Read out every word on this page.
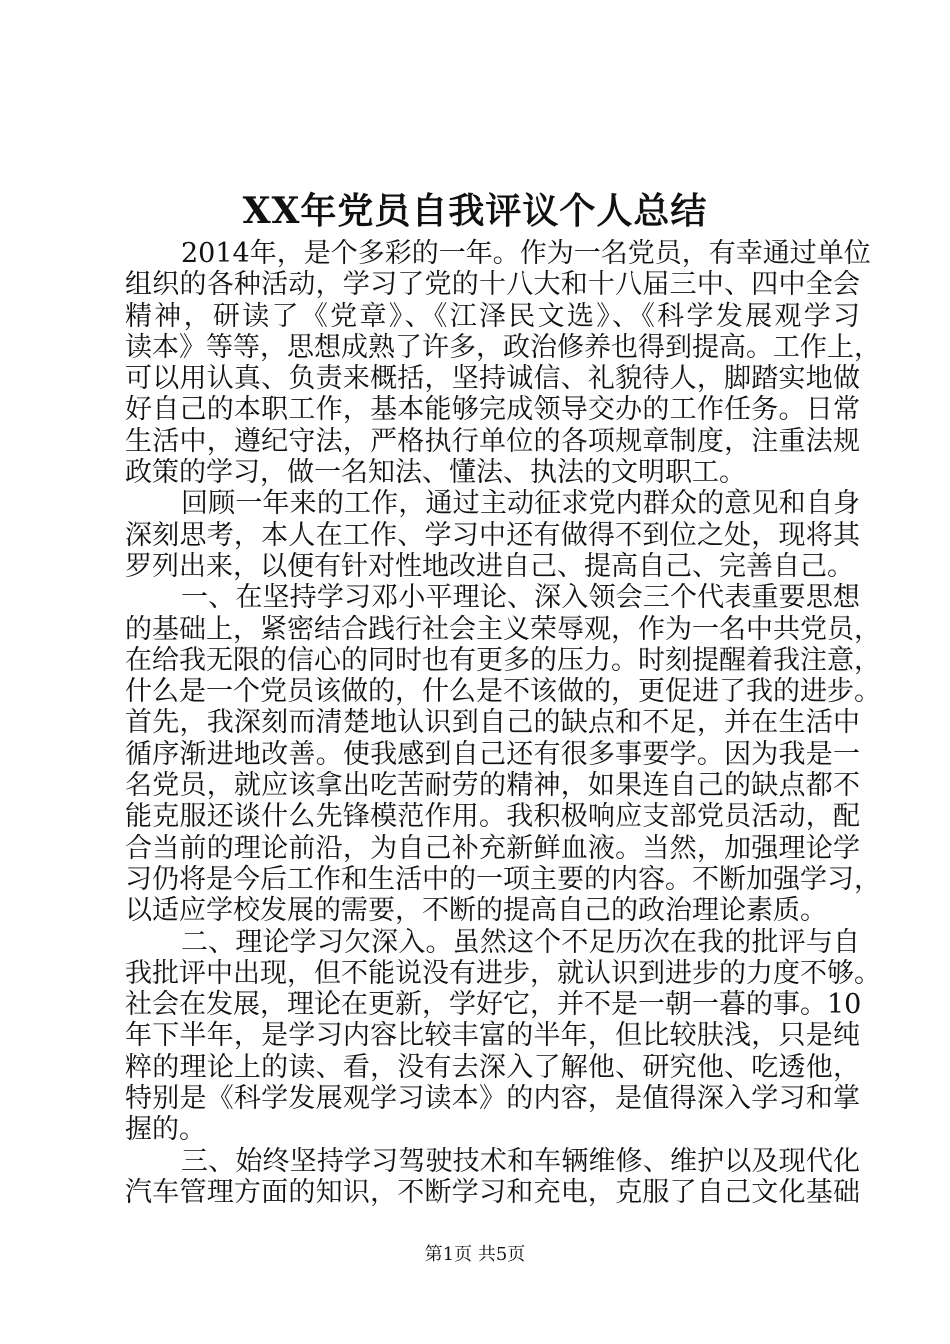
XX年党员自我评议个人总结
2014年，是个多彩的一年。作为一名党员，有幸通过单位
组织的各种活动，学习了党的十八大和十八届三中、四中全会
精神，研读了《党章》、《江泽民文选》、《科学发展观学习
读本》等等，思想成熟了许多，政治修养也得到提高。工作上，
可以用认真、负责来概括，坚持诚信、礼貌待人，脚踏实地做
好自己的本职工作，基本能够完成领导交办的工作任务。日常
生活中，遵纪守法，严格执行单位的各项规章制度，注重法规
政策的学习，做一名知法、懂法、执法的文明职工。
回顾一年来的工作，通过主动征求党内群众的意见和自身
深刻思考，本人在工作、学习中还有做得不到位之处，现将其
罗列出来，以便有针对性地改进自己、提高自己、完善自己。
一、在坚持学习邓小平理论、深入领会三个代表重要思想
的基础上，紧密结合践行社会主义荣辱观，作为一名中共党员，
在给我无限的信心的同时也有更多的压力。时刻提醒着我注意，
什么是一个党员该做的，什么是不该做的，更促进了我的进步。
首先，我深刻而清楚地认识到自己的缺点和不足，并在生活中
循序渐进地改善。使我感到自己还有很多事要学。因为我是一
名党员，就应该拿出吃苦耐劳的精神，如果连自己的缺点都不
能克服还谈什么先锋模范作用。我积极响应支部党员活动，配
合当前的理论前沿，为自己补充新鲜血液。当然，加强理论学
习仍将是今后工作和生活中的一项主要的内容。不断加强学习，
以适应学校发展的需要，不断的提高自己的政治理论素质。
二、理论学习欠深入。虽然这个不足历次在我的批评与自
我批评中出现，但不能说没有进步，就认识到进步的力度不够。
社会在发展，理论在更新，学好它，并不是一朝一暮的事。10
年下半年，是学习内容比较丰富的半年，但比较肤浅，只是纯
粹的理论上的读、看，没有去深入了解他、研究他、吃透他，
特别是《科学发展观学习读本》的内容，是值得深入学习和掌
握的。
三、始终坚持学习驾驶技术和车辆维修、维护以及现代化
汽车管理方面的知识，不断学习和充电，克服了自己文化基础
第1页 共5页
